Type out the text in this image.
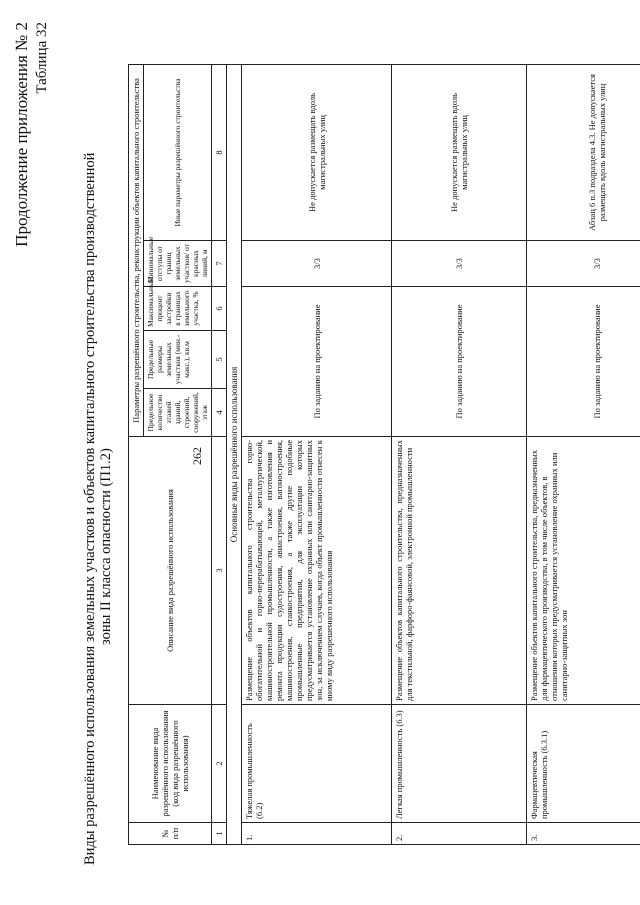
262
Продолжение приложения № 2 Таблица 32
Виды разрешённого использования земельных участков и объектов капитального строительства производственной зоны II класса опасности (П1.2)
№ п/п	Наименование вида разрешённого использования (код вида разрешённого использования)	Описание вида разрешённого использования	Параметры разрешённого строительства, реконструкции объектов капитального строительства				
			Предельное количество этажей зданий, строений, сооружений, этаж	Предельные размеры земельных участков (мин.-макс.), кв.м	Максимальный процент застройки в границах земельного участка, %	Минимальные отступы от границ земельных участков/ от красных линий, м	Иные параметры разрешённого строительства
1	2	3	4	5	6	7	8
Основные виды разрешённого использования							
1.	Тяжелая промышленность (6.2)	Размещение объектов капитального строительства горно-обогатительной и горно-перерабатывающей, металлургической, машиностроительной промышленности, а также изготовления и ремонта продукции судостроения, авиастроения, вагоностроения, машиностроения, станкостроения, а также другие подобные промышленные предприятия, для эксплуатации которых предусматривается установление охранных или санитарно-защитных зон, за исключением случаев, когда объект промышленности отнесен к иному виду разрешенного использования	По заданию на проектирование			3/3	Не допускается размещать вдоль магистральных улиц
2.	Легкая промышленность (6.3)	Размещение объектов капитального строительства, предназначенных для текстильной, фарфоро-фаянсовой, электронной промышленности	По заданию на проектирование			3/3	Не допускается размещать вдоль магистральных улиц
3.	Фармацевтическая промышленность (6.3.1)	Размещение объектов капитального строительства, предназначенных для фармацевтического производства, в том числе объектов, в отношении которых предусматривается установление охранных или санитарно-защитных зон	По заданию на проектирование			3/3	Абзац 6 п.3 подраздела 4.3. Не допускается размещать вдоль магистральных улиц
